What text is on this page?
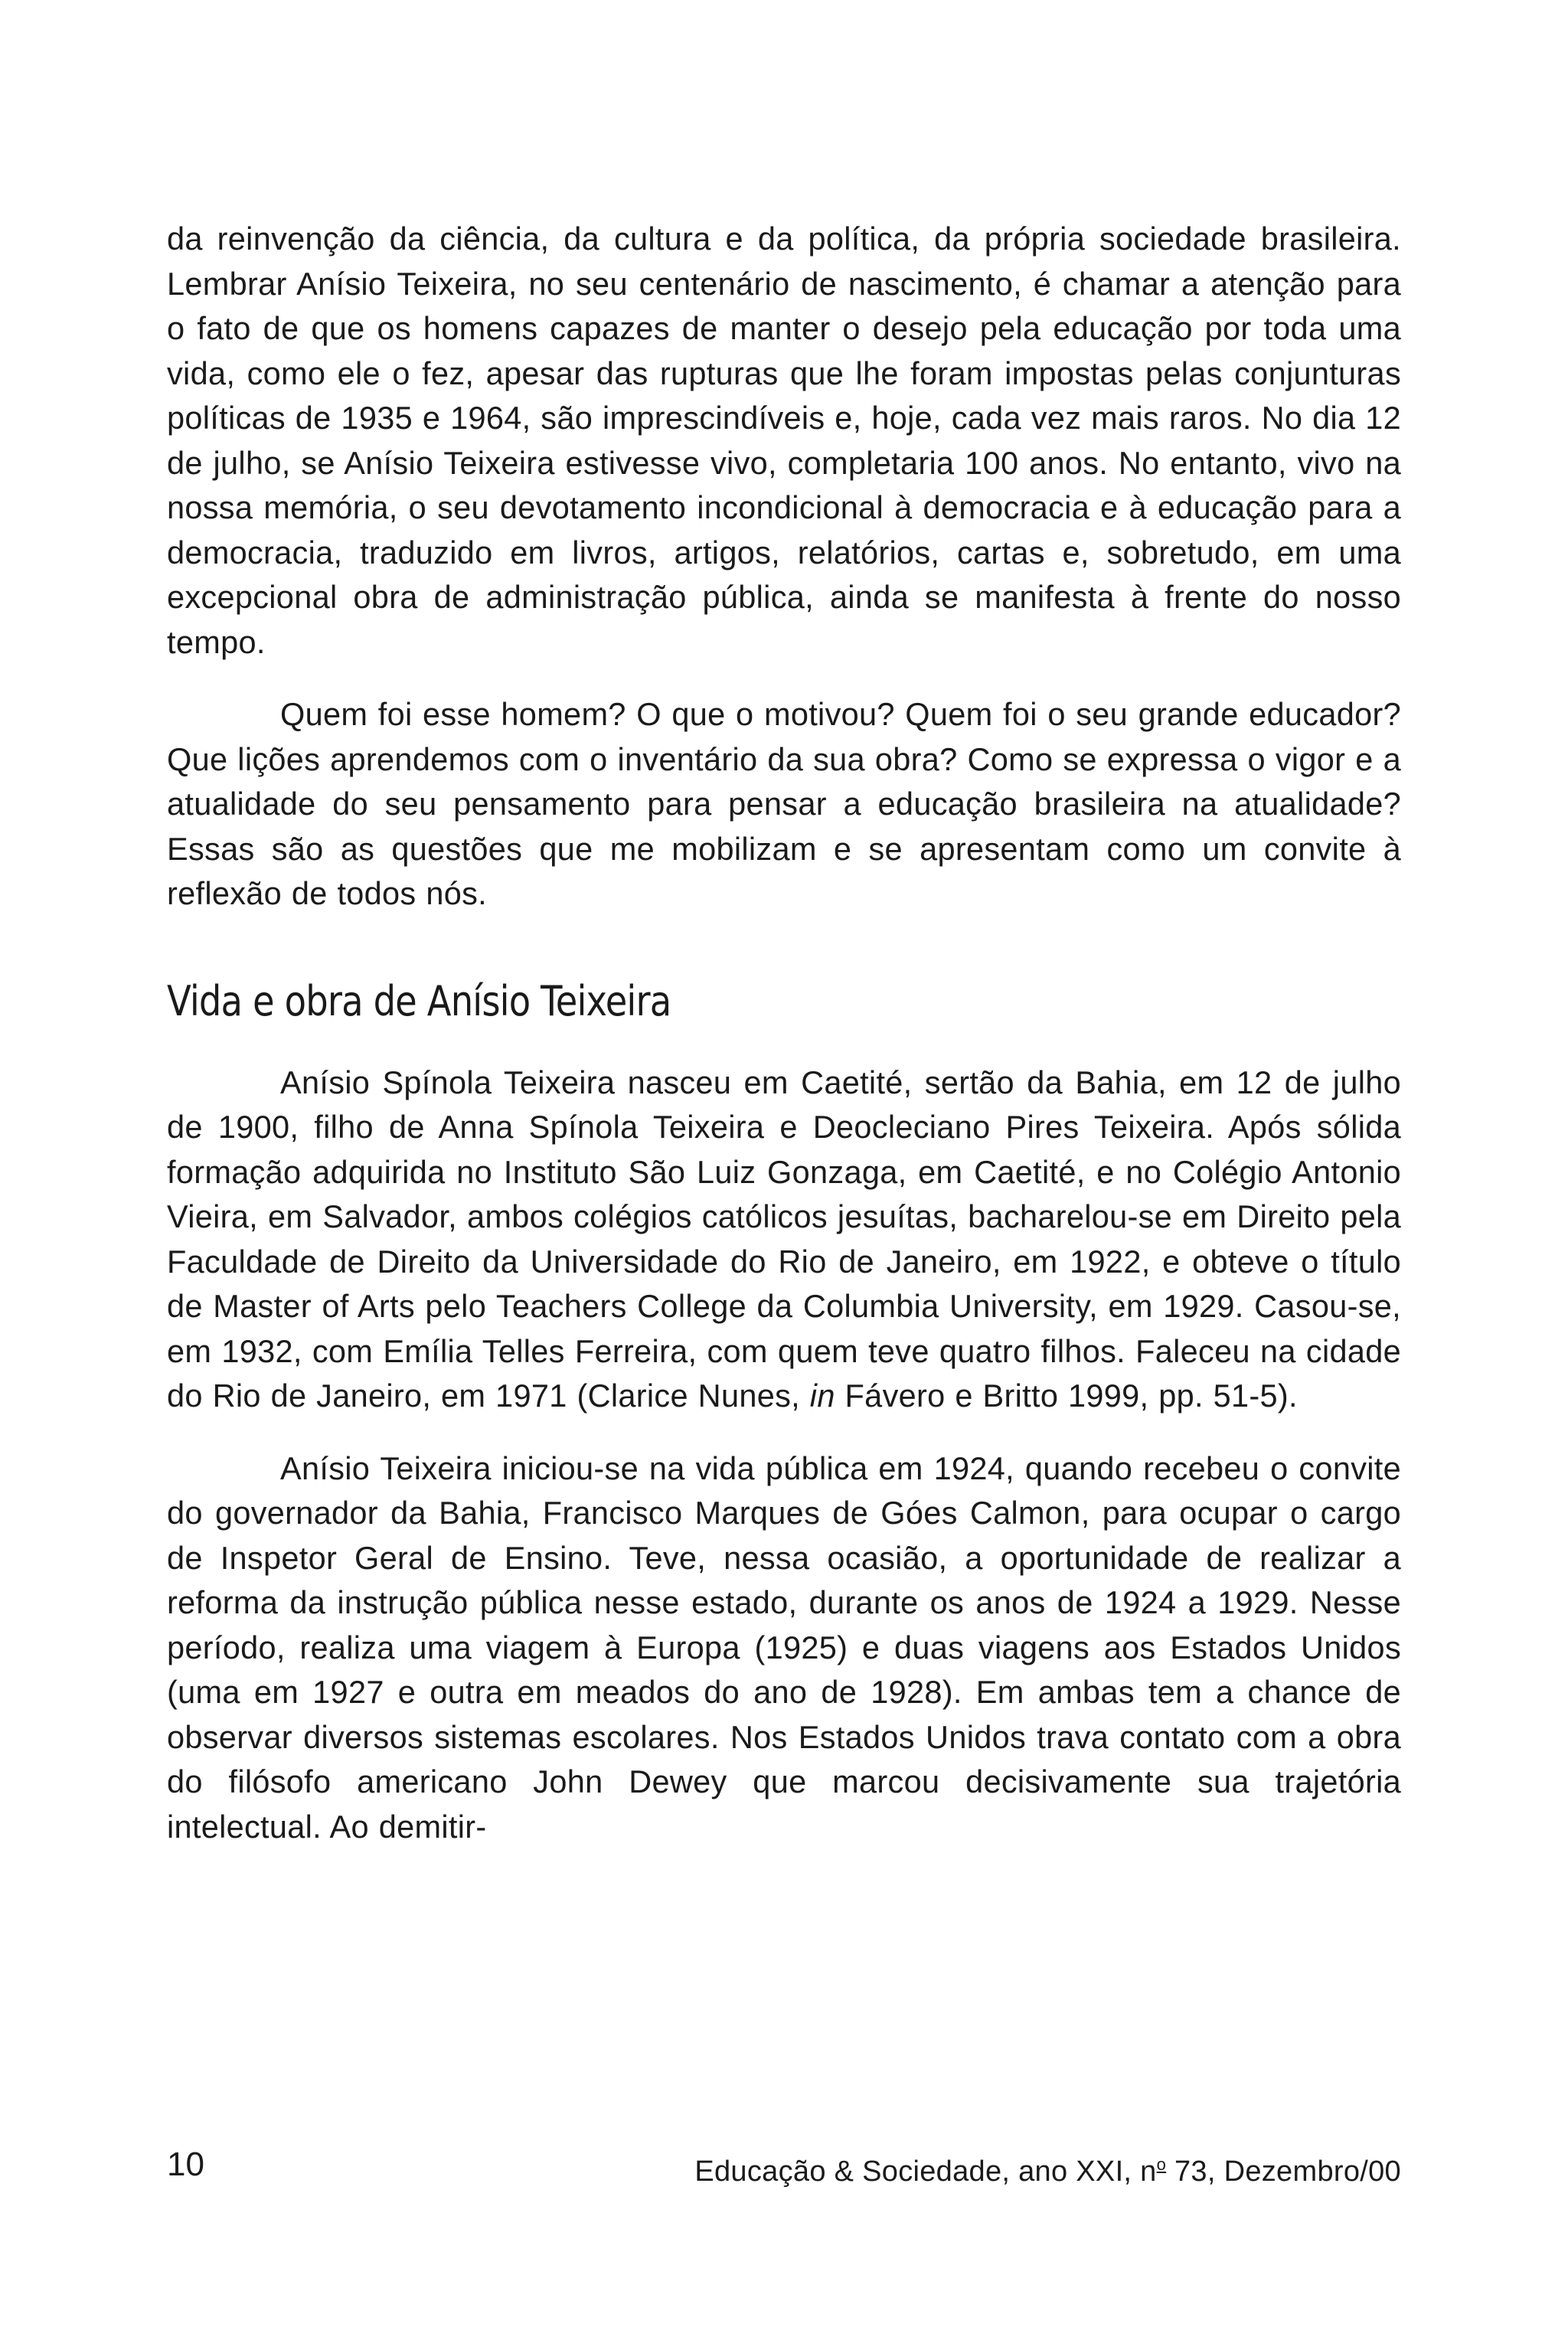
da reinvenção da ciência, da cultura e da política, da própria sociedade brasileira. Lembrar Anísio Teixeira, no seu centenário de nascimento, é chamar a atenção para o fato de que os homens capazes de manter o desejo pela educação por toda uma vida, como ele o fez, apesar das rupturas que lhe foram impostas pelas conjunturas políticas de 1935 e 1964, são imprescindíveis e, hoje, cada vez mais raros. No dia 12 de julho, se Anísio Teixeira estivesse vivo, completaria 100 anos. No entanto, vivo na nossa memória, o seu devotamento incondicional à democracia e à educação para a democracia, traduzido em livros, artigos, relatórios, cartas e, sobretudo, em uma excepcional obra de administração pública, ainda se manifesta à frente do nosso tempo.

Quem foi esse homem? O que o motivou? Quem foi o seu grande educador? Que lições aprendemos com o inventário da sua obra? Como se expressa o vigor e a atualidade do seu pensamento para pensar a educação brasileira na atualidade? Essas são as questões que me mobilizam e se apresentam como um convite à reflexão de todos nós.

Vida e obra de Anísio Teixeira

Anísio Spínola Teixeira nasceu em Caetité, sertão da Bahia, em 12 de julho de 1900, filho de Anna Spínola Teixeira e Deocleciano Pires Teixeira. Após sólida formação adquirida no Instituto São Luiz Gonzaga, em Caetité, e no Colégio Antonio Vieira, em Salvador, ambos colégios católicos jesuítas, bacharelou-se em Direito pela Faculdade de Direito da Universidade do Rio de Janeiro, em 1922, e obteve o título de Master of Arts pelo Teachers College da Columbia University, em 1929. Casou-se, em 1932, com Emília Telles Ferreira, com quem teve quatro filhos. Faleceu na cidade do Rio de Janeiro, em 1971 (Clarice Nunes, in Fávero e Britto 1999, pp. 51-5).

Anísio Teixeira iniciou-se na vida pública em 1924, quando recebeu o convite do governador da Bahia, Francisco Marques de Góes Calmon, para ocupar o cargo de Inspetor Geral de Ensino. Teve, nessa ocasião, a oportunidade de realizar a reforma da instrução pública nesse estado, durante os anos de 1924 a 1929. Nesse período, realiza uma viagem à Europa (1925) e duas viagens aos Estados Unidos (uma em 1927 e outra em meados do ano de 1928). Em ambas tem a chance de observar diversos sistemas escolares. Nos Estados Unidos trava contato com a obra do filósofo americano John Dewey que marcou decisivamente sua trajetória intelectual. Ao demitir-

10	Educação & Sociedade, ano XXI, $n^o$ 73, Dezembro/00
